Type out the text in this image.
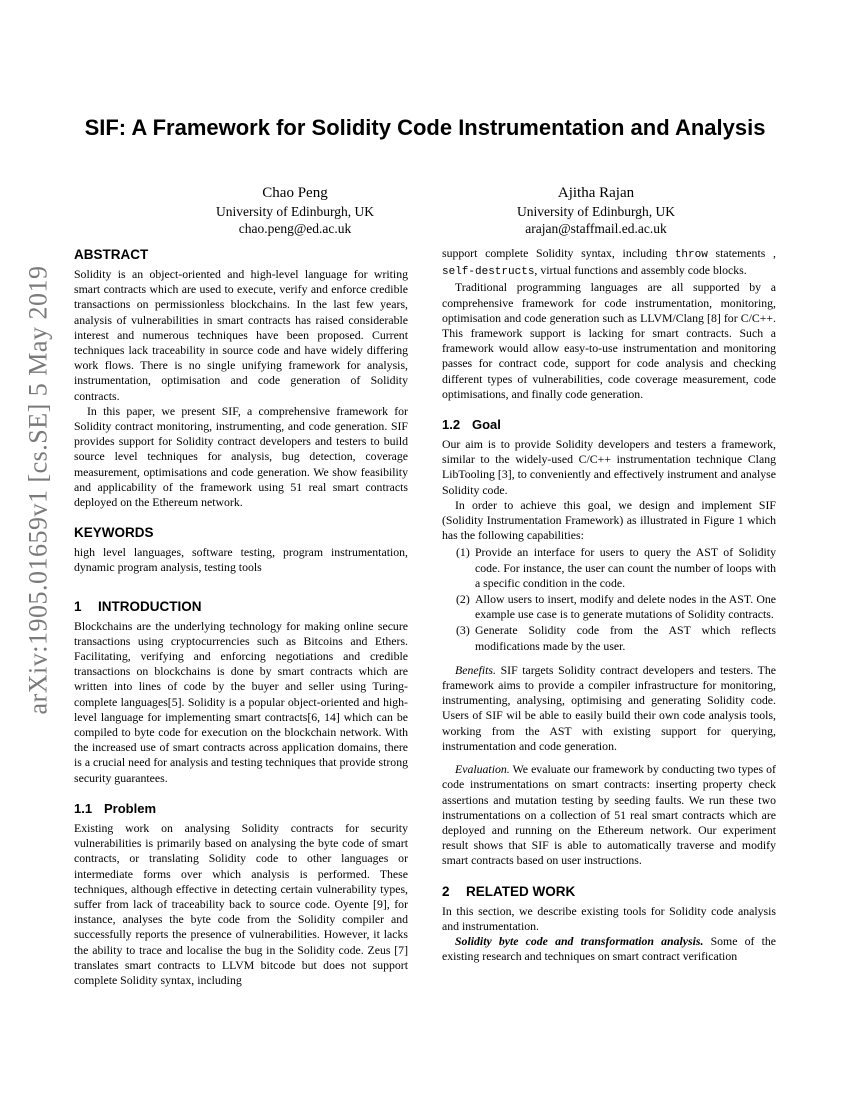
arXiv:1905.01659v1 [cs.SE] 5 May 2019
SIF: A Framework for Solidity Code Instrumentation and Analysis
Chao Peng
University of Edinburgh, UK
chao.peng@ed.ac.uk
Ajitha Rajan
University of Edinburgh, UK
arajan@staffmail.ed.ac.uk
ABSTRACT

Solidity is an object-oriented and high-level language for writing smart contracts which are used to execute, verify and enforce credible transactions on permissionless blockchains. In the last few years, analysis of vulnerabilities in smart contracts has raised considerable interest and numerous techniques have been proposed. Current techniques lack traceability in source code and have widely differing work flows. There is no single unifying framework for analysis, instrumentation, optimisation and code generation of Solidity contracts.

In this paper, we present SIF, a comprehensive framework for Solidity contract monitoring, instrumenting, and code generation. SIF provides support for Solidity contract developers and testers to build source level techniques for analysis, bug detection, coverage measurement, optimisations and code generation. We show feasibility and applicability of the framework using 51 real smart contracts deployed on the Ethereum network.

KEYWORDS

high level languages, software testing, program instrumentation, dynamic program analysis, testing tools

1 INTRODUCTION

Blockchains are the underlying technology for making online secure transactions using cryptocurrencies such as Bitcoins and Ethers. Facilitating, verifying and enforcing negotiations and credible transactions on blockchains is done by smart contracts which are written into lines of code by the buyer and seller using Turing-complete languages[5]. Solidity is a popular object-oriented and high-level language for implementing smart contracts[6, 14] which can be compiled to byte code for execution on the blockchain network. With the increased use of smart contracts across application domains, there is a crucial need for analysis and testing techniques that provide strong security guarantees.

1.1 Problem

Existing work on analysing Solidity contracts for security vulnerabilities is primarily based on analysing the byte code of smart contracts, or translating Solidity code to other languages or intermediate forms over which analysis is performed. These techniques, although effective in detecting certain vulnerability types, suffer from lack of traceability back to source code. Oyente [9], for instance, analyses the byte code from the Solidity compiler and successfully reports the presence of vulnerabilities. However, it lacks the ability to trace and localise the bug in the Solidity code. Zeus [7] translates smart contracts to LLVM bitcode but does not support complete Solidity syntax, including

support complete Solidity syntax, including throw statements , self-destructs, virtual functions and assembly code blocks.

Traditional programming languages are all supported by a comprehensive framework for code instrumentation, monitoring, optimisation and code generation such as LLVM/Clang [8] for C/C++. This framework support is lacking for smart contracts. Such a framework would allow easy-to-use instrumentation and monitoring passes for contract code, support for code analysis and checking different types of vulnerabilities, code coverage measurement, code optimisations, and finally code generation.

1.2 Goal

Our aim is to provide Solidity developers and testers a framework, similar to the widely-used C/C++ instrumentation technique Clang LibTooling [3], to conveniently and effectively instrument and analyse Solidity code.

In order to achieve this goal, we design and implement SIF (Solidity Instrumentation Framework) as illustrated in Figure 1 which has the following capabilities:

(1) Provide an interface for users to query the AST of Solidity code. For instance, the user can count the number of loops with a specific condition in the code.
(2) Allow users to insert, modify and delete nodes in the AST. One example use case is to generate mutations of Solidity contracts.
(3) Generate Solidity code from the AST which reflects modifications made by the user.

Benefits. SIF targets Solidity contract developers and testers. The framework aims to provide a compiler infrastructure for monitoring, instrumenting, analysing, optimising and generating Solidity code. Users of SIF wil be able to easily build their own code analysis tools, working from the AST with existing support for querying, instrumentation and code generation.

Evaluation. We evaluate our framework by conducting two types of code instrumentations on smart contracts: inserting property check assertions and mutation testing by seeding faults. We run these two instrumentations on a collection of 51 real smart contracts which are deployed and running on the Ethereum network. Our experiment result shows that SIF is able to automatically traverse and modify smart contracts based on user instructions.

2 RELATED WORK

In this section, we describe existing tools for Solidity code analysis and instrumentation.

Solidity byte code and transformation analysis. Some of the existing research and techniques on smart contract verification
